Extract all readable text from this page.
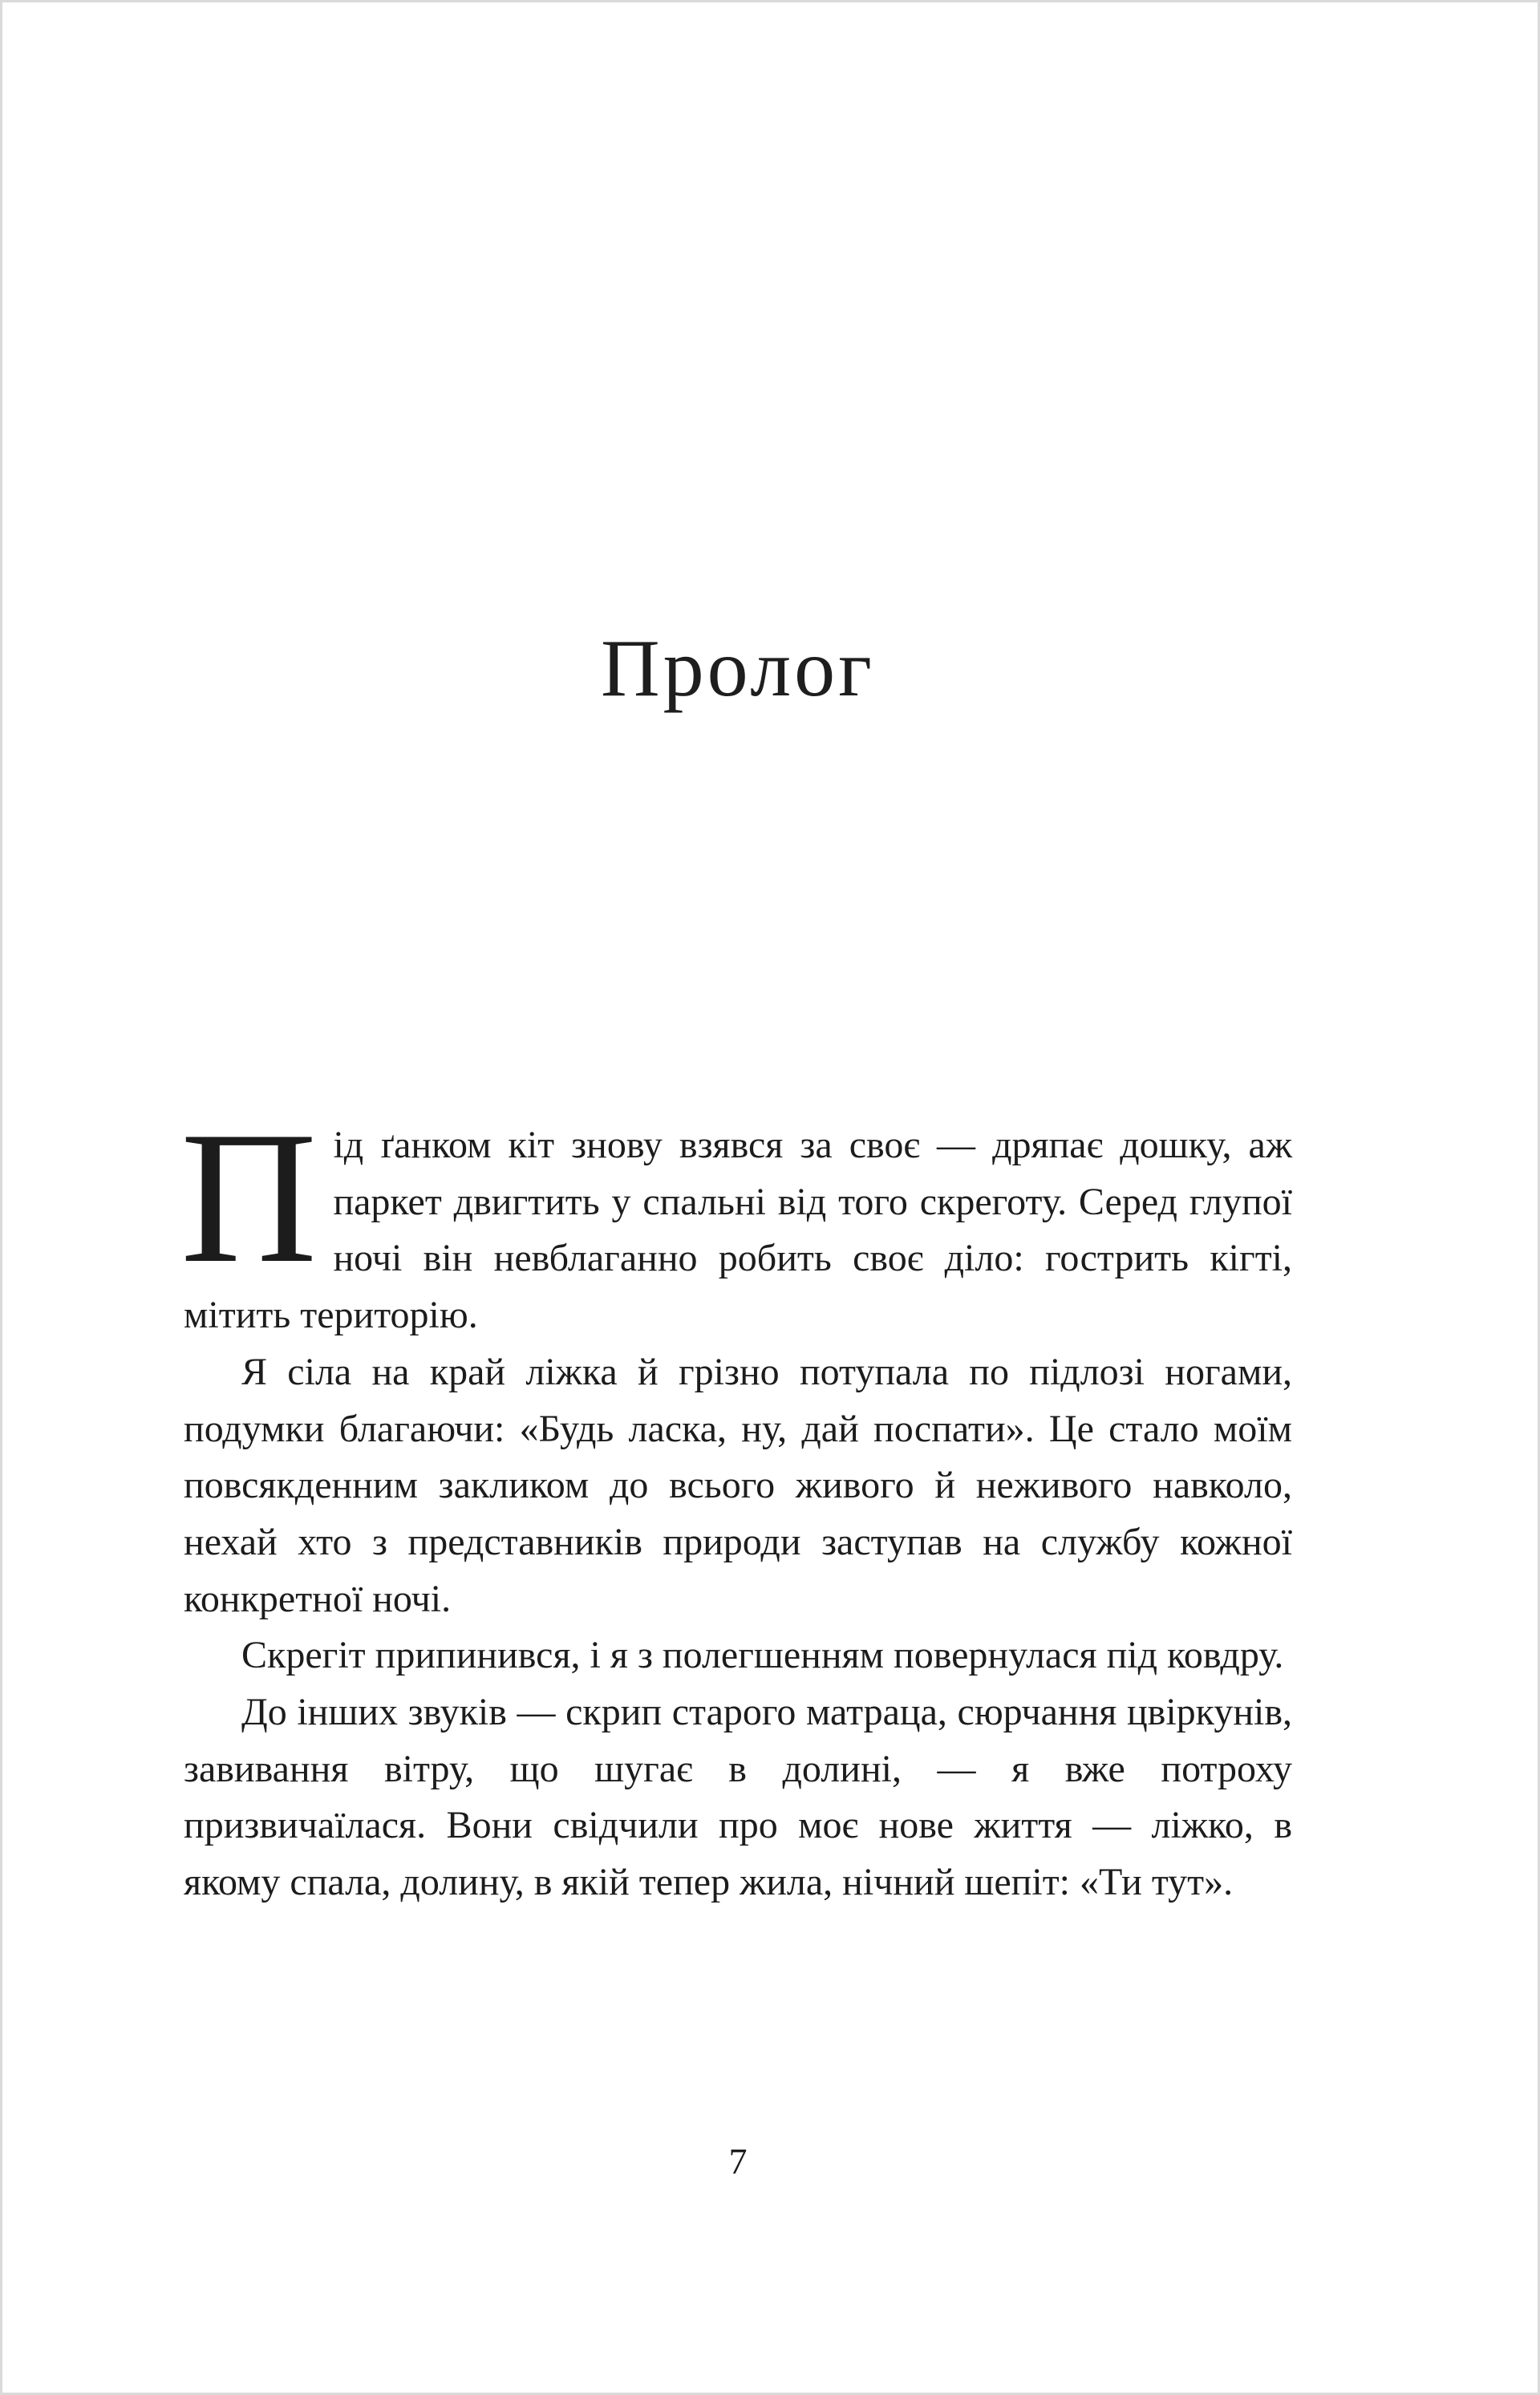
Пролог

Під ґанком кіт знову взявся за своє — дряпає дошку, аж паркет двигтить у спальні від того скреготу. Серед глупої ночі він невблаганно робить своє діло: гострить кігті, мітить територію.

Я сіла на край ліжка й грізно потупала по підлозі ногами, подумки благаючи: «Будь ласка, ну, дай поспати». Це стало моїм повсякденним закликом до всього живого й неживого навколо, нехай хто з представників природи заступав на службу кожної конкретної ночі.

Скрегіт припинився, і я з полегшенням повернулася під ковдру.

До інших звуків — скрип старого матраца, сюрчання цвіркунів, завивання вітру, що шугає в долині, — я вже потроху призвичаїлася. Вони свідчили про моє нове життя — ліжко, в якому спала, долину, в якій тепер жила, нічний шепіт: «Ти тут».

7
